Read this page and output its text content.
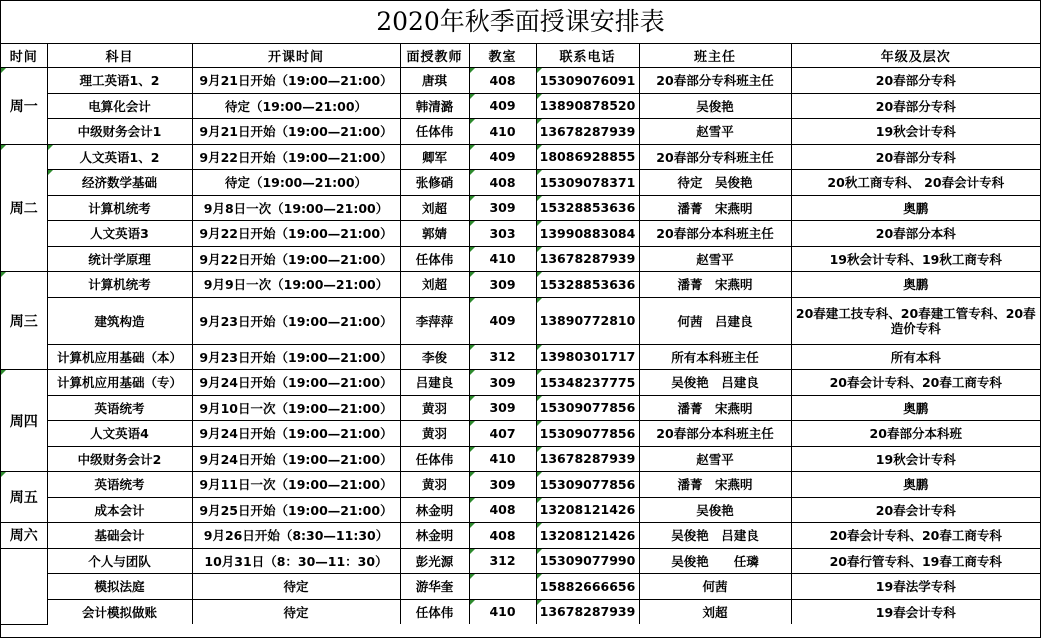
2020年秋季面授课安排表
时间	科目	开课时间	面授教师	教室	联系电话	班主任	年级及层次
周一	理工英语1、2	9月21日开始（19:00—21:00）	唐琪	408	15309076091	20春部分专科班主任	20春部分专科
	电算化会计	待定（19:00—21:00）	韩清潞	409	13890878520	吴俊艳	20春部分专科
	中级财务会计1	9月21日开始（19:00—21:00）	任体伟	410	13678287939	赵雪平	19秋会计专科
周二	人文英语1、2	9月22日开始（19:00—21:00）	卿军	409	18086928855	20春部分专科班主任	20春部分专科
	经济数学基础	待定（19:00—21:00）	张修硝	408	15309078371	待定　吴俊艳	20秋工商专科、 20春会计专科
	计算机统考	9月8日一次（19:00—21:00）	刘超	309	15328853636	潘菁　宋燕明	奥鹏
	人文英语3	9月22日开始（19:00—21:00）	郭婧	303	13990883084	20春部分本科班主任	20春部分本科
	统计学原理	9月22日开始（19:00—21:00）	任体伟	410	13678287939	赵雪平	19秋会计专科、19秋工商专科
周三	计算机统考	9月9日一次（19:00—21:00）	刘超	309	15328853636	潘菁　宋燕明	奥鹏
	建筑构造	9月23日开始（19:00—21:00）	李萍萍	409	13890772810	何茜　吕建良	20春建工技专科、20春建工管专科、20春造价专科
	计算机应用基础（本）	9月23日开始（19:00—21:00）	李俊	312	13980301717	所有本科班主任	所有本科
周四	计算机应用基础（专）	9月24日开始（19:00—21:00）	吕建良	309	15348237775	吴俊艳　吕建良	20春会计专科、20春工商专科
	英语统考	9月10日一次（19:00—21:00）	黄羽	309	15309077856	潘菁　宋燕明	奥鹏
	人文英语4	9月24日开始（19:00—21:00）	黄羽	407	15309077856	20春部分本科班主任	20春部分本科班
	中级财务会计2	9月24日开始（19:00—21:00）	任体伟	410	13678287939	赵雪平	19秋会计专科
周五	英语统考	9月11日一次（19:00—21:00）	黄羽	309	15309077856	潘菁　宋燕明	奥鹏
	成本会计	9月25日开始（19:00—21:00）	林金明	408	13208121426	吴俊艳	20春会计专科
周六	基础会计	9月26日开始（8:30—11:30）	林金明	408	13208121426	吴俊艳　吕建良	20春会计专科、20春工商专科
	个人与团队	10月31日（8：30—11：30）	彭光源	312	15309077990	吴俊艳　　任璘	20春行管专科、19春工商专科
	模拟法庭	待定	游华奎		15882666656	何茜	19春法学专科
	会计模拟做账	待定	任体伟	410	13678287939	刘超	19春会计专科
